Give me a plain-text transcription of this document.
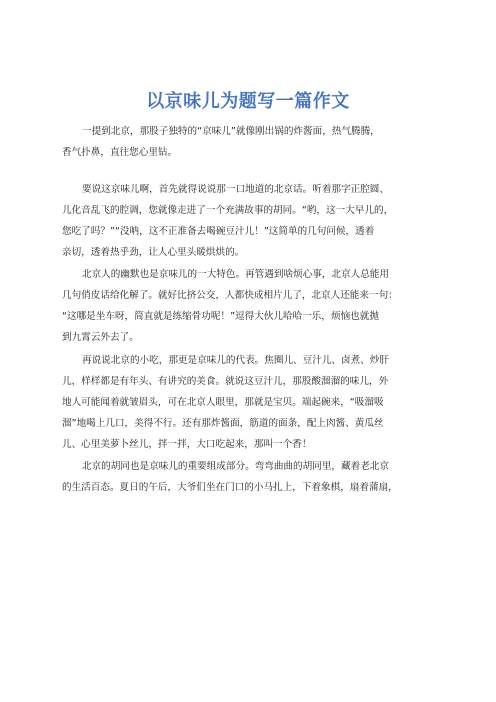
以京味儿为题写一篇作文
一提到北京，那股子独特的“京味儿”就像刚出锅的炸酱面，热气腾腾，
香气扑鼻，直往您心里钻。
要说这京味儿啊，首先就得说说那一口地道的北京话。听着那字正腔圆、
儿化音乱飞的腔调，您就像走进了一个充满故事的胡同。“哟，这一大早儿的，
您吃了吗？”“没呐，这不正准备去喝碗豆汁儿！”这简单的几句问候，透着
亲切，透着热乎劲，让人心里头暖烘烘的。
北京人的幽默也是京味儿的一大特色。再管遇到啥烦心事，北京人总能用
几句俏皮话给化解了。就好比挤公交，人都快成相片儿了，北京人还能来一句：
“这哪是坐车呀，简直就是练缩骨功呢！”逗得大伙儿哈哈一乐，烦恼也就抛
到九霄云外去了。
再说说北京的小吃，那更是京味儿的代表。焦圈儿、豆汁儿、卤煮、炒肝
儿，样样都是有年头、有讲究的美食。就说这豆汁儿，那股酸溜溜的味儿，外
地人可能闻着就皱眉头，可在北京人眼里，那就是宝贝。端起碗来，“吸溜吸
溜”地喝上几口，美得不行。还有那炸酱面，筋道的面条，配上肉酱、黄瓜丝
儿、心里美萝卜丝儿，拌一拌，大口吃起来，那叫一个香！
北京的胡同也是京味儿的重要组成部分。弯弯曲曲的胡同里，藏着老北京
的生活百态。夏日的午后，大爷们坐在门口的小马扎上，下着象棋，扇着蒲扇，
